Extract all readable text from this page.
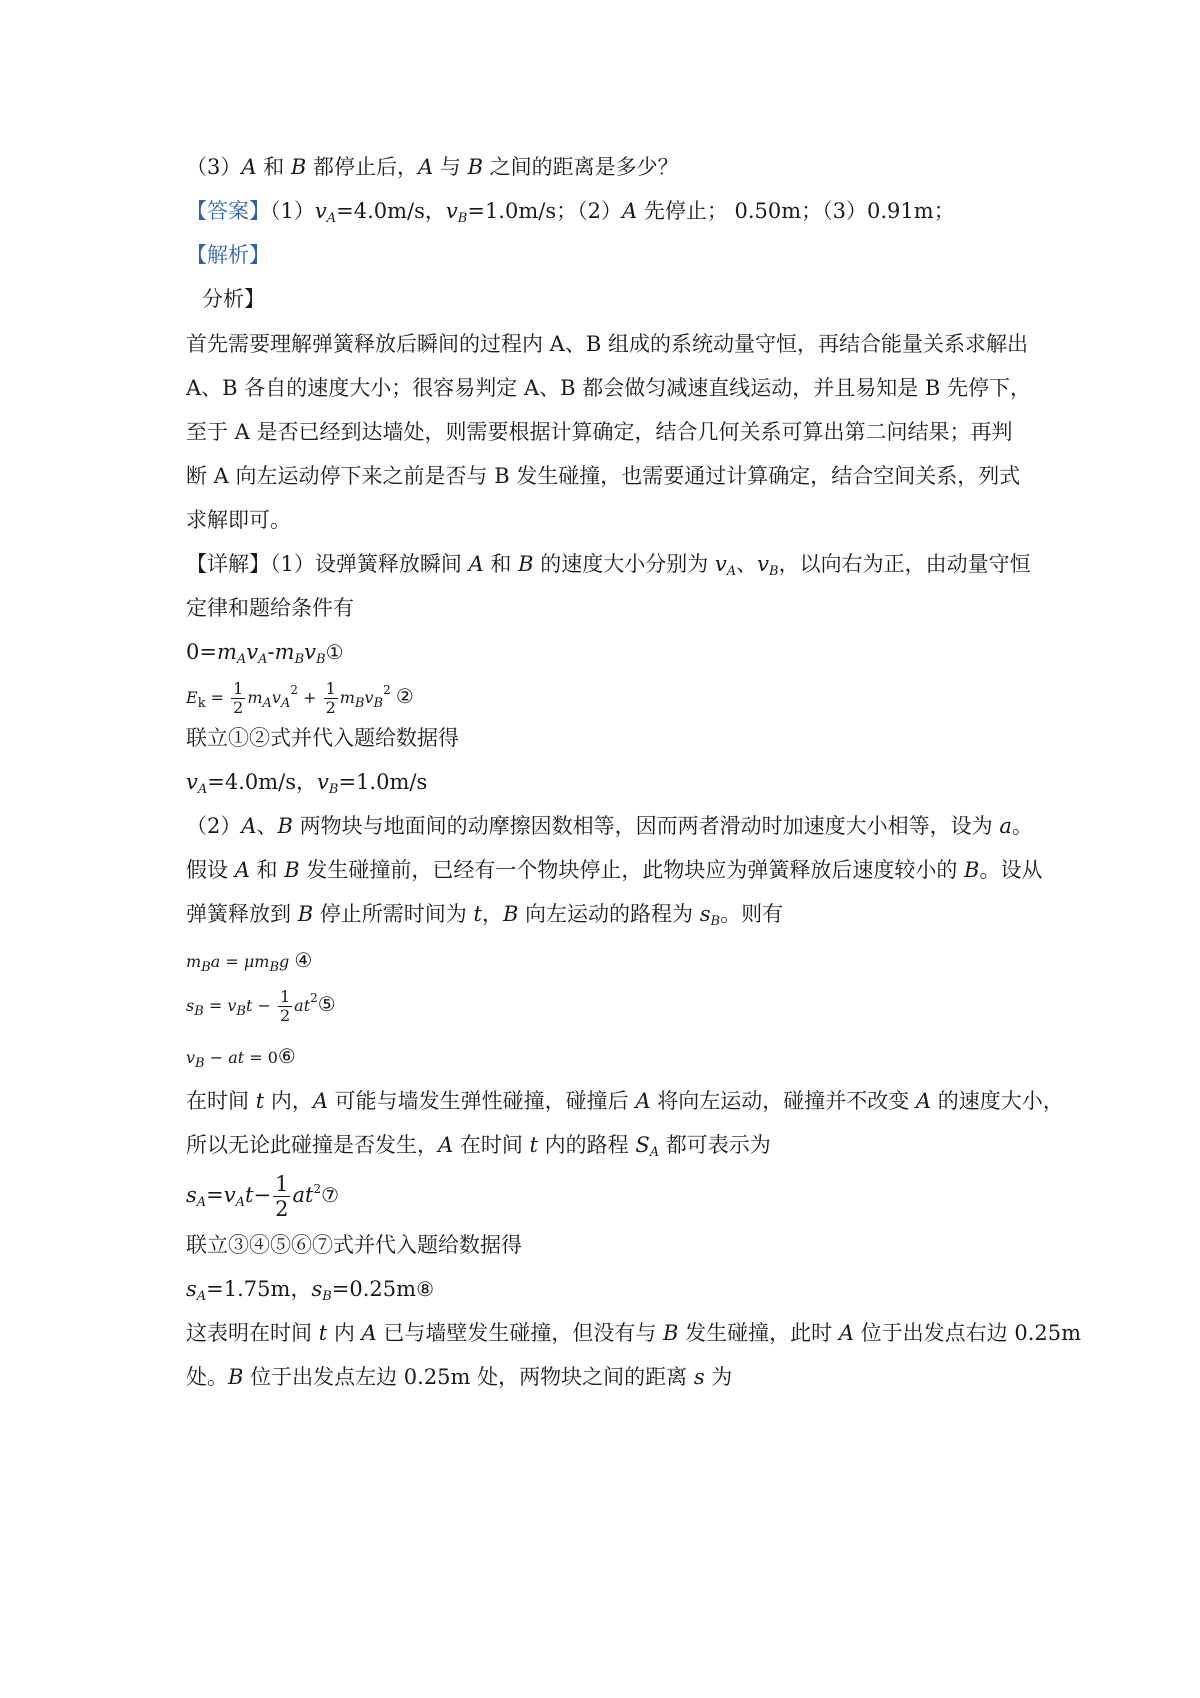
（3）A 和 B 都停止后，A 与 B 之间的距离是多少？
【答案】$(1)v_A=4.0m/s$，$v_B=1.0m/s$；（2）A 先停止； 0.50m；（3）0.91m；
【解析】
分析】
首先需要理解弹簧释放后瞬间的过程内 A、B 组成的系统动量守恒，再结合能量关系求解出
A、B 各自的速度大小；很容易判定 A、B 都会做匀减速直线运动，并且易知是 B 先停下，
至于 A 是否已经到达墙处，则需要根据计算确定，结合几何关系可算出第二问结果；再判
断 A 向左运动停下来之前是否与 B 发生碰撞，也需要通过计算确定，结合空间关系，列式
求解即可。
【详解】（1）设弹簧释放瞬间 A 和 B 的速度大小分别为 $v_A$、$v_B$，以向右为正，由动量守恒
定律和题给条件有
$0=m_Av_A-m_Bv_B①$
$E_k = \frac{1}{2} m_Av_A^2 + \frac{1}{2} m_Bv_B^2$ ②
联立①②式并代入题给数据得
$v_A=4.0m/s$，$v_B=1.0m/s$
（2）A、B 两物块与地面间的动摩擦因数相等，因而两者滑动时加速度大小相等，设为 a。
假设 A 和 B 发生碰撞前，已经有一个物块停止，此物块应为弹簧释放后速度较小的 B。设从
弹簧释放到 B 停止所需时间为 t，B 向左运动的路程为 $s_B$。则有
$m_Ba = \mu m_Bg$ ④
$s_B = v_Bt - \frac{1}{2}$ $at^2⑤$
$v_B$ − at = 0⑥
在时间 t 内，A 可能与墙发生弹性碰撞，碰撞后 A 将向左运动，碰撞并不改变 A 的速度大小，
所以无论此碰撞是否发生，A 在时间 t 内的路程 $S_A$ 都可表示为
$s_A=v_At- \frac{1}{2}$ $at^2⑦$
联立③④⑤⑥⑦式并代入题给数据得
$s_A=1.75m$，$s_B=0.25m⑧$
这表明在时间 t 内 A 已与墙壁发生碰撞，但没有与 B 发生碰撞，此时 A 位于出发点右边 0.25m
处。B 位于出发点左边 0.25m 处，两物块之间的距离 s 为
